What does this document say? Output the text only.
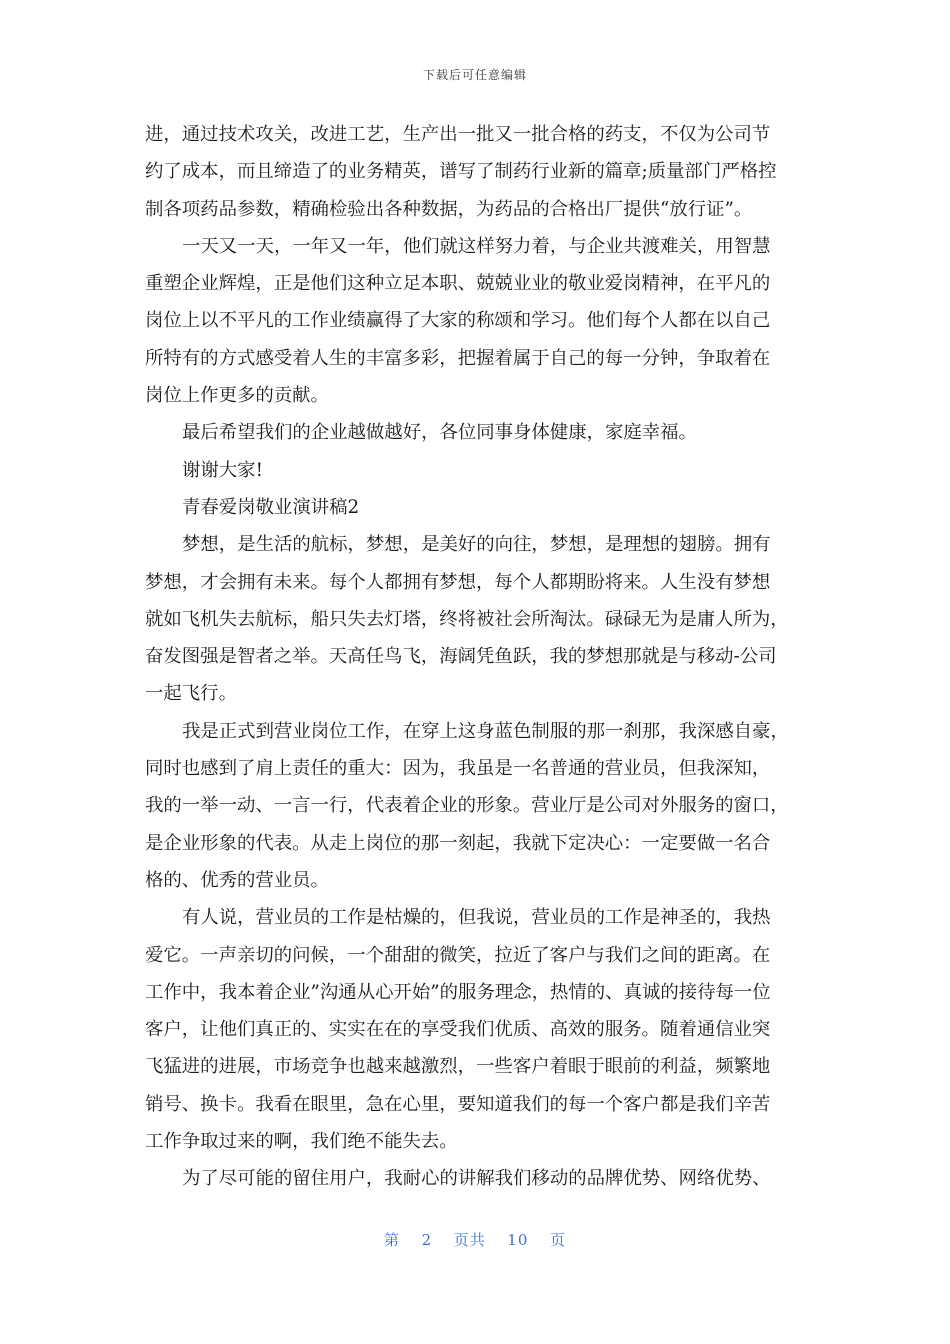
下载后可任意编辑
进，通过技术攻关，改进工艺，生产出一批又一批合格的药支，不仅为公司节
约了成本，而且缔造了的业务精英，谱写了制药行业新的篇章;质量部门严格控
制各项药品参数，精确检验出各种数据，为药品的合格出厂提供“放行证”。
一天又一天，一年又一年，他们就这样努力着，与企业共渡难关，用智慧
重塑企业辉煌，正是他们这种立足本职、兢兢业业的敬业爱岗精神，在平凡的
岗位上以不平凡的工作业绩赢得了大家的称颂和学习。他们每个人都在以自己
所特有的方式感受着人生的丰富多彩，把握着属于自己的每一分钟，争取着在
岗位上作更多的贡献。
最后希望我们的企业越做越好，各位同事身体健康，家庭幸福。
谢谢大家!
青春爱岗敬业演讲稿2
梦想，是生活的航标，梦想，是美好的向往，梦想，是理想的翅膀。拥有
梦想，才会拥有未来。每个人都拥有梦想，每个人都期盼将来。人生没有梦想
就如飞机失去航标，船只失去灯塔，终将被社会所淘汰。碌碌无为是庸人所为，
奋发图强是智者之举。天高任鸟飞，海阔凭鱼跃，我的梦想那就是与移动-公司
一起飞行。
我是正式到营业岗位工作，在穿上这身蓝色制服的那一刹那，我深感自豪，
同时也感到了肩上责任的重大：因为，我虽是一名普通的营业员，但我深知，
我的一举一动、一言一行，代表着企业的形象。营业厅是公司对外服务的窗口，
是企业形象的代表。从走上岗位的那一刻起，我就下定决心：一定要做一名合
格的、优秀的营业员。
有人说，营业员的工作是枯燥的，但我说，营业员的工作是神圣的，我热
爱它。一声亲切的问候，一个甜甜的微笑，拉近了客户与我们之间的距离。在
工作中，我本着企业”沟通从心开始”的服务理念，热情的、真诚的接待每一位
客户，让他们真正的、实实在在的享受我们优质、高效的服务。随着通信业突
飞猛进的进展，市场竞争也越来越激烈，一些客户着眼于眼前的利益，频繁地
销号、换卡。我看在眼里，急在心里，要知道我们的每一个客户都是我们辛苦
工作争取过来的啊，我们绝不能失去。
为了尽可能的留住用户，我耐心的讲解我们移动的品牌优势、网络优势、
第 2 页共 10 页
